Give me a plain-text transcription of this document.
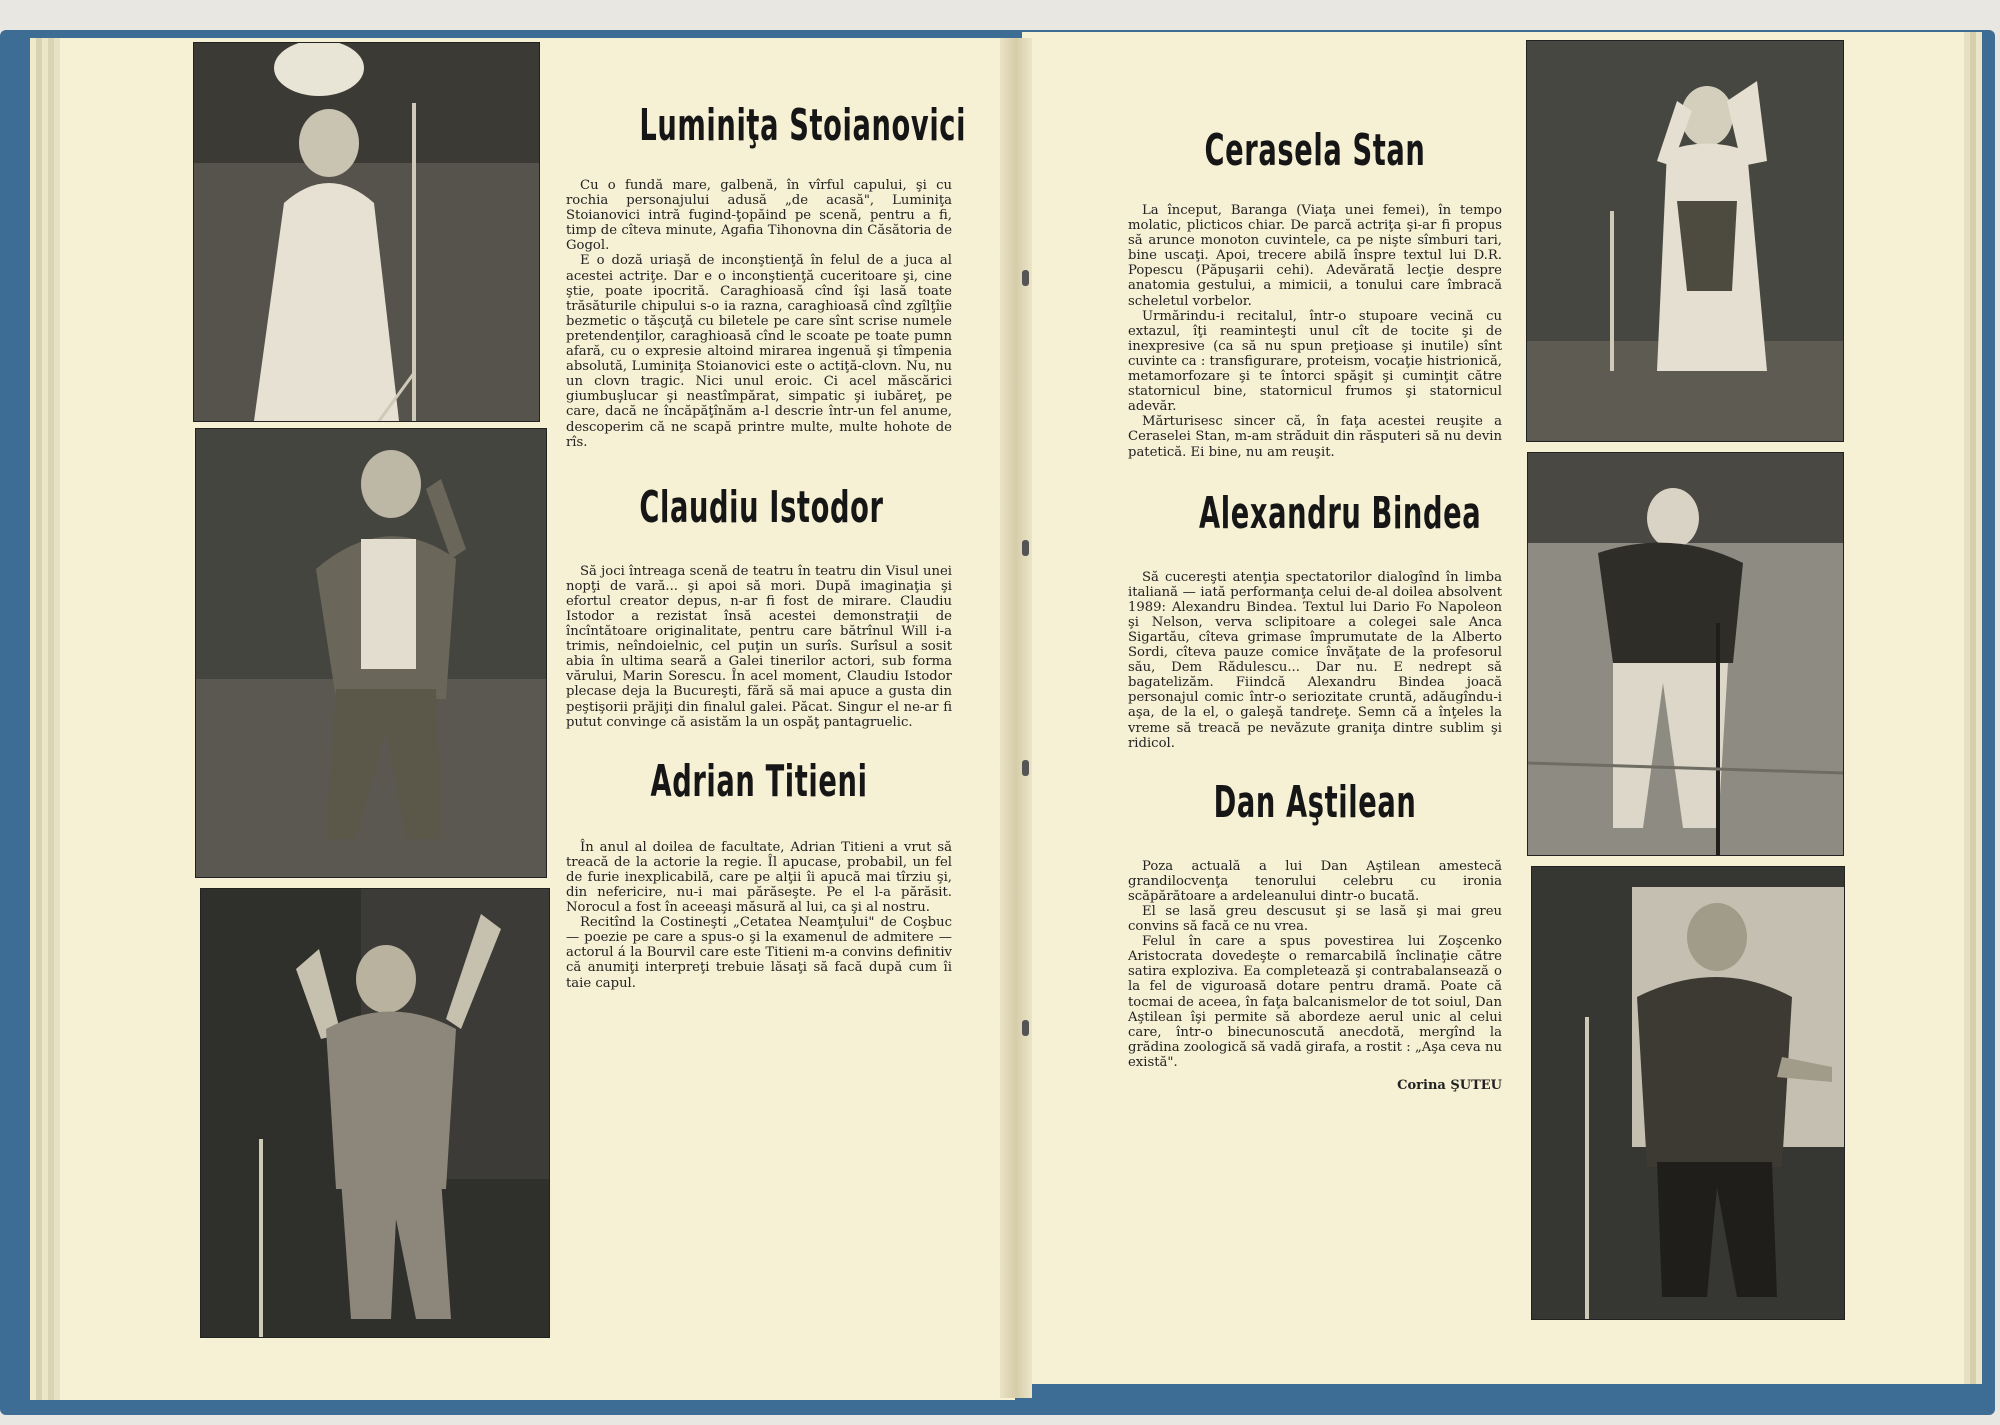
Luminiţa Stoianovici

Cu o fundă mare, galbenă, în vîrful capului, şi cu rochia personajului adusă „de acasă", Luminiţa Stoianovici intră fugind-ţopăind pe scenă, pentru a fi, timp de cîteva minute, Agafia Tihonovna din Căsătoria de Gogol.

E o doză uriaşă de inconştienţă în felul de a juca al acestei actriţe. Dar e o inconştienţă cuceritoare şi, cine ştie, poate ipocrită. Caraghioasă cînd îşi lasă toate trăsăturile chipului s-o ia razna, caraghioasă cînd zgîlţîie bezmetic o tăşcuţă cu biletele pe care sînt scrise numele pretendenţilor, caraghioasă cînd le scoate pe toate pumn afară, cu o expresie altoind mirarea ingenuă şi tîmpenia absolută, Luminiţa Stoianovici este o actiţă-clovn. Nu, nu un clovn tragic. Nici unul eroic. Ci acel măscărici giumbuşlucar şi neastîmpărat, simpatic şi iubăreţ, pe care, dacă ne încăpăţînăm a-l descrie într-un fel anume, descoperim că ne scapă printre multe, multe hohote de rîs.

Claudiu Istodor

Să joci întreaga scenă de teatru în teatru din Visul unei nopţi de vară... şi apoi să mori. După imaginaţia şi efortul creator depus, n-ar fi fost de mirare. Claudiu Istodor a rezistat însă acestei demonstraţii de încîntătoare originalitate, pentru care bătrînul Will i-a trimis, neîndoielnic, cel puţin un surîs. Surîsul a sosit abia în ultima seară a Galei tinerilor actori, sub forma vărului, Marin Sorescu. În acel moment, Claudiu Istodor plecase deja la Bucureşti, fără să mai apuce a gusta din peştişorii prăjiţi din finalul galei. Păcat. Singur el ne-ar fi putut convinge că asistăm la un ospăţ pantagruelic.

Adrian Titieni

În anul al doilea de facultate, Adrian Titieni a vrut să treacă de la actorie la regie. Îl apucase, probabil, un fel de furie inexplicabilă, care pe alţii îi apucă mai tîrziu şi, din nefericire, nu-i mai părăseşte. Pe el l-a părăsit. Norocul a fost în aceeaşi măsură al lui, ca şi al nostru.

Recitînd la Costineşti „Cetatea Neamţului" de Coşbuc — poezie pe care a spus-o şi la examenul de admitere — actorul á la Bourvil care este Titieni m-a convins definitiv că anumiţi interpreţi trebuie lăsaţi să facă după cum îi taie capul.

Cerasela Stan

La început, Baranga (Viaţa unei femei), în tempo molatic, plicticos chiar. De parcă actriţa şi-ar fi propus să arunce monoton cuvintele, ca pe nişte sîmburi tari, bine uscaţi. Apoi, trecere abilă înspre textul lui D.R. Popescu (Păpuşarii cehi). Adevărată lecţie despre anatomia gestului, a mimicii, a tonului care îmbracă scheletul vorbelor.

Urmărindu-i recitalul, într-o stupoare vecină cu extazul, îţi reaminteşti unul cît de tocite şi de inexpresive (ca să nu spun preţioase şi inutile) sînt cuvinte ca : transfigurare, proteism, vocaţie histrionică, metamorfozare şi te întorci spăşit şi cuminţit către statornicul bine, statornicul frumos şi statornicul adevăr.

Mărturisesc sincer că, în faţa acestei reuşite a Ceraselei Stan, m-am străduit din răsputeri să nu devin patetică. Ei bine, nu am reuşit.

Alexandru Bindea

Să cucereşti atenţia spectatorilor dialogînd în limba italiană — iată performanţa celui de-al doilea absolvent 1989: Alexandru Bindea. Textul lui Dario Fo Napoleon şi Nelson, verva sclipitoare a colegei sale Anca Sigartău, cîteva grimase împrumutate de la Alberto Sordi, cîteva pauze comice învăţate de la profesorul său, Dem Rădulescu... Dar nu. E nedrept să bagatelizăm. Fiindcă Alexandru Bindea joacă personajul comic într-o seriozitate cruntă, adăugîndu-i aşa, de la el, o galeşă tandreţe. Semn că a înţeles la vreme să treacă pe nevăzute graniţa dintre sublim şi ridicol.

Dan Aştilean

Poza actuală a lui Dan Aştilean amestecă grandilocvenţa tenorului celebru cu ironia scăpărătoare a ardeleanului dintr-o bucată.

El se lasă greu descusut şi se lasă şi mai greu convins să facă ce nu vrea.

Felul în care a spus povestirea lui Zoşcenko Aristocrata dovedeşte o remarcabilă înclinaţie către satira exploziva. Ea completează şi contrabalansează o la fel de viguroasă dotare pentru dramă. Poate că tocmai de aceea, în faţa balcanismelor de tot soiul, Dan Aştilean îşi permite să abordeze aerul unic al celui care, într-o binecunoscută anecdotă, mergînd la grădina zoologică să vadă girafa, a rostit : „Aşa ceva nu există".

Corina ŞUTEU
